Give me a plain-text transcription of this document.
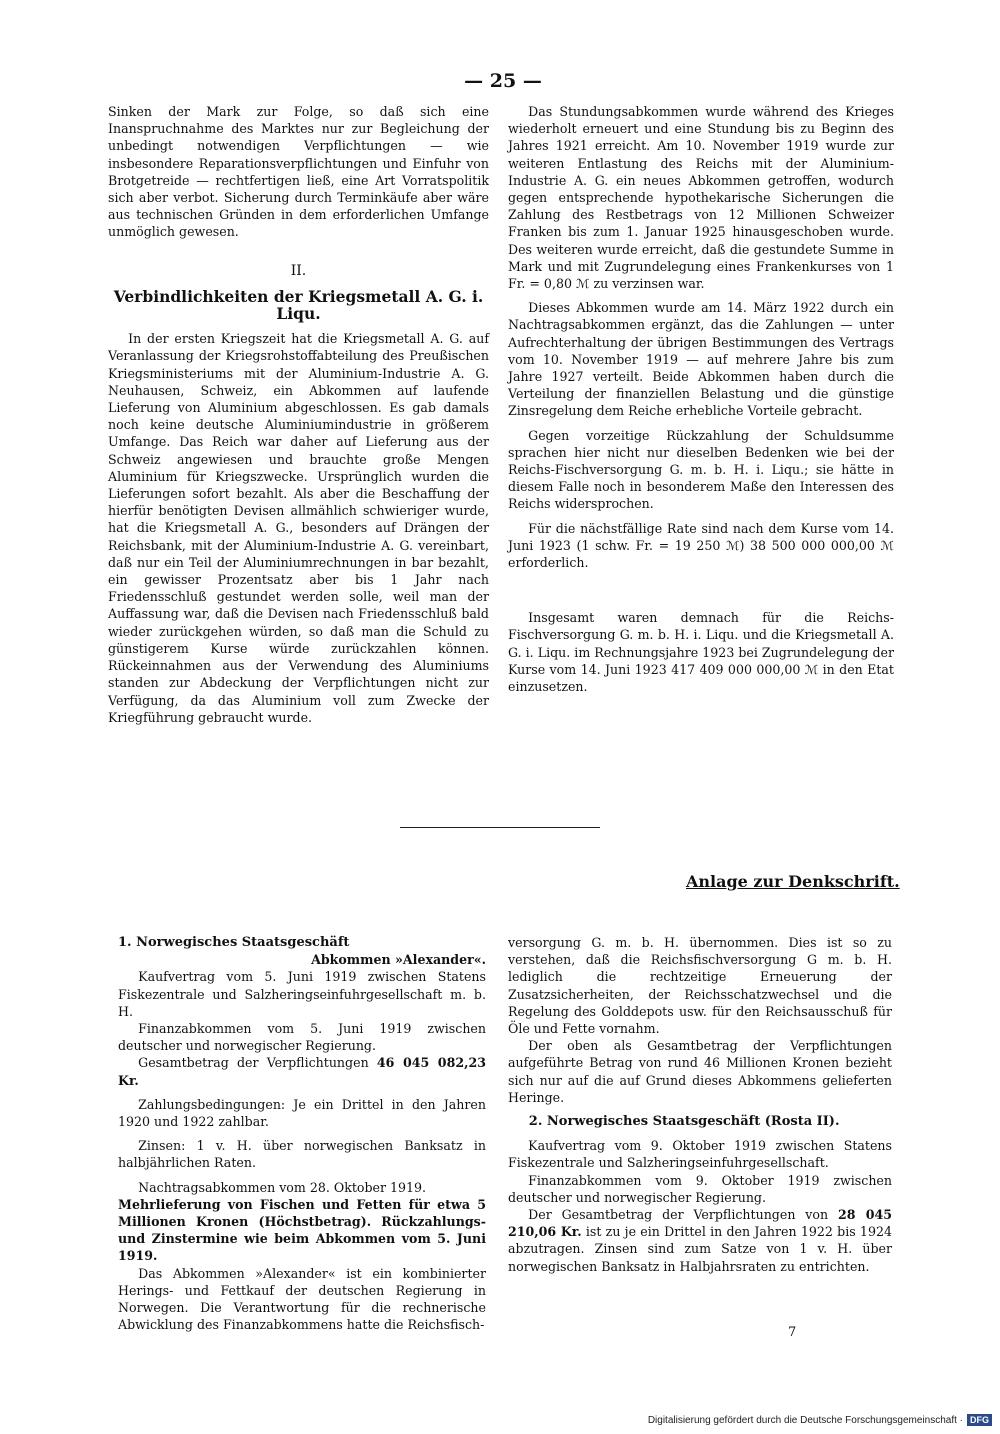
— 25 —

Sinken der Mark zur Folge, so daß sich eine Inanspruchnahme des Marktes nur zur Begleichung der unbedingt notwendigen Verpflichtungen — wie insbesondere Reparationsverpflichtungen und Einfuhr von Brotgetreide — rechtfertigen ließ, eine Art Vorratspolitik sich aber verbot. Sicherung durch Terminkäufe aber wäre aus technischen Gründen in dem erforderlichen Umfange unmöglich gewesen.

II.
Verbindlichkeiten der Kriegsmetall A. G. i. Liqu.

In der ersten Kriegszeit hat die Kriegsmetall A. G. auf Veranlassung der Kriegsrohstoffabteilung des Preußischen Kriegsministeriums mit der Aluminium-Industrie A. G. Neuhausen, Schweiz, ein Abkommen auf laufende Lieferung von Aluminium abgeschlossen. Es gab damals noch keine deutsche Aluminiumindustrie in größerem Umfange. Das Reich war daher auf Lieferung aus der Schweiz angewiesen und brauchte große Mengen Aluminium für Kriegszwecke. Ursprünglich wurden die Lieferungen sofort bezahlt. Als aber die Beschaffung der hierfür benötigten Devisen allmählich schwieriger wurde, hat die Kriegsmetall A. G., besonders auf Drängen der Reichsbank, mit der Aluminium-Industrie A. G. vereinbart, daß nur ein Teil der Aluminiumrechnungen in bar bezahlt, ein gewisser Prozentsatz aber bis 1 Jahr nach Friedensschluß gestundet werden solle, weil man der Auffassung war, daß die Devisen nach Friedensschluß bald wieder zurückgehen würden, so daß man die Schuld zu günstigerem Kurse würde zurückzahlen können. Rückeinnahmen aus der Verwendung des Aluminiums standen zur Abdeckung der Verpflichtungen nicht zur Verfügung, da das Aluminium voll zum Zwecke der Kriegführung gebraucht wurde.

Das Stundungsabkommen wurde während des Krieges wiederholt erneuert und eine Stundung bis zu Beginn des Jahres 1921 erreicht. Am 10. November 1919 wurde zur weiteren Entlastung des Reichs mit der Aluminium-Industrie A. G. ein neues Abkommen getroffen, wodurch gegen entsprechende hypothekarische Sicherungen die Zahlung des Restbetrags von 12 Millionen Schweizer Franken bis zum 1. Januar 1925 hinausgeschoben wurde. Des weiteren wurde erreicht, daß die gestundete Summe in Mark und mit Zugrundelegung eines Frankenkurses von 1 Fr. = 0,80 ℳ zu verzinsen war.

Dieses Abkommen wurde am 14. März 1922 durch ein Nachtragsabkommen ergänzt, das die Zahlungen — unter Aufrechterhaltung der übrigen Bestimmungen des Vertrags vom 10. November 1919 — auf mehrere Jahre bis zum Jahre 1927 verteilt. Beide Abkommen haben durch die Verteilung der finanziellen Belastung und die günstige Zinsregelung dem Reiche erhebliche Vorteile gebracht.

Gegen vorzeitige Rückzahlung der Schuldsumme sprachen hier nicht nur dieselben Bedenken wie bei der Reichs-Fischversorgung G. m. b. H. i. Liqu.; sie hätte in diesem Falle noch in besonderem Maße den Interessen des Reichs widersprochen.

Für die nächstfällige Rate sind nach dem Kurse vom 14. Juni 1923 (1 schw. Fr. = 19 250 ℳ) 38 500 000 000,00 ℳ erforderlich.

Insgesamt waren demnach für die Reichs-Fischversorgung G. m. b. H. i. Liqu. und die Kriegsmetall A. G. i. Liqu. im Rechnungsjahre 1923 bei Zugrundelegung der Kurse vom 14. Juni 1923 417 409 000 000,00 ℳ in den Etat einzusetzen.

Anlage zur Denkschrift.

1. Norwegisches Staatsgeschäft

Abkommen »Alexander«.

Kaufvertrag vom 5. Juni 1919 zwischen Statens Fiskezentrale und Salzheringseinfuhrgesellschaft m. b. H.

Finanzabkommen vom 5. Juni 1919 zwischen deutscher und norwegischer Regierung.

Gesamtbetrag der Verpflichtungen 46 045 082,23 Kr.

Zahlungsbedingungen: Je ein Drittel in den Jahren 1920 und 1922 zahlbar.

Zinsen: 1 v. H. über norwegischen Banksatz in halbjährlichen Raten.

Nachtragsabkommen vom 28. Oktober 1919.

Mehrlieferung von Fischen und Fetten für etwa 5 Millionen Kronen (Höchstbetrag). Rückzahlungs- und Zinstermine wie beim Abkommen vom 5. Juni 1919.

Das Abkommen »Alexander« ist ein kombinierter Herings- und Fettkauf der deutschen Regierung in Norwegen. Die Verantwortung für die rechnerische Abwicklung des Finanzabkommens hatte die Reichsfisch-

versorgung G. m. b. H. übernommen. Dies ist so zu verstehen, daß die Reichsfischversorgung G m. b. H. lediglich die rechtzeitige Erneuerung der Zusatzsicherheiten, der Reichsschatzwechsel und die Regelung des Golddepots usw. für den Reichsausschuß für Öle und Fette vornahm.

Der oben als Gesamtbetrag der Verpflichtungen aufgeführte Betrag von rund 46 Millionen Kronen bezieht sich nur auf die auf Grund dieses Abkommens gelieferten Heringe.

2. Norwegisches Staatsgeschäft (Rosta II).

Kaufvertrag vom 9. Oktober 1919 zwischen Statens Fiskezentrale und Salzheringseinfuhrgesellschaft.

Finanzabkommen vom 9. Oktober 1919 zwischen deutscher und norwegischer Regierung.

Der Gesamtbetrag der Verpflichtungen von 28 045 210,06 Kr. ist zu je ein Drittel in den Jahren 1922 bis 1924 abzutragen. Zinsen sind zum Satze von 1 v. H. über norwegischen Banksatz in Halbjahrsraten zu entrichten.

7
Digitalisierung gefördert durch die Deutsche Forschungsgemeinschaft · DFG
